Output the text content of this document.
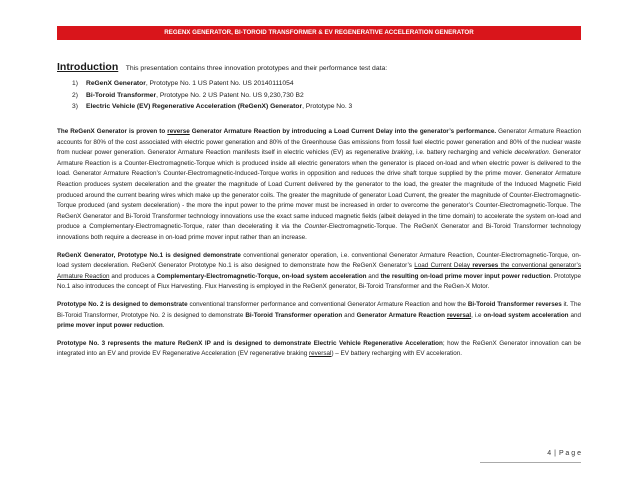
REGENX GENERATOR, BI-TOROID TRANSFORMER & EV REGENERATIVE ACCELERATION GENERATOR
Introduction This presentation contains three innovation prototypes and their performance test data:
1) ReGenX Generator, Prototype No. 1 US Patent No. US 20140111054
2) Bi-Toroid Transformer, Prototype No. 2 US Patent No. US 9,230,730 B2
3) Electric Vehicle (EV) Regenerative Acceleration (ReGenX) Generator, Prototype No. 3

The ReGenX Generator is proven to reverse Generator Armature Reaction by introducing a Load Current Delay into the generator’s performance. Generator Armature Reaction accounts for 80% of the cost associated with electric power generation and 80% of the Greenhouse Gas emissions from fossil fuel electric power generation and 80% of the nuclear waste from nuclear power generation. Generator Armature Reaction manifests itself in electric vehicles (EV) as regenerative braking, i.e. battery recharging and vehicle deceleration. Generator Armature Reaction is a Counter-Electromagnetic-Torque which is produced inside all electric generators when the generator is placed on-load and when electric power is delivered to the load. Generator Armature Reaction’s Counter-Electromagnetic-Induced-Torque works in opposition and reduces the drive shaft torque supplied by the prime mover. Generator Armature Reaction produces system deceleration and the greater the magnitude of Load Current delivered by the generator to the load, the greater the magnitude of the Induced Magnetic Field produced around the current bearing wires which make up the generator coils. The greater the magnitude of generator Load Current, the greater the magnitude of Counter-Electromagnetic-Torque produced (and system deceleration) - the more the input power to the prime mover must be increased in order to overcome the generator’s Counter-Electromagnetic-Torque. The ReGenX Generator and Bi-Toroid Transformer technology innovations use the exact same induced magnetic fields (albeit delayed in the time domain) to accelerate the system on-load and produce a Complementary-Electromagnetic-Torque, rater than decelerating it via the Counter-Electromagnetic-Torque. The ReGenX Generator and Bi-Toroid Transformer technology innovations both require a decrease in on-load prime mover input rather than an increase.

ReGenX Generator, Prototype No.1 is designed demonstrate conventional generator operation, i.e. conventional Generator Armature Reaction, Counter-Electromagnetic-Torque, on-load system deceleration. ReGenX Generator Prototype No.1 is also designed to demonstrate how the ReGenX Generator’s Load Current Delay reverses the conventional generator’s Armature Reaction and produces a Complementary-Electromagnetic-Torque, on-load system acceleration and the resulting on-load prime mover input power reduction. Prototype No.1 also introduces the concept of Flux Harvesting. Flux Harvesting is employed in the ReGenX generator, Bi-Toroid Transformer and the ReGen-X Motor.

Prototype No. 2 is designed to demonstrate conventional transformer performance and conventional Generator Armature Reaction and how the Bi-Toroid Transformer reverses it. The Bi-Toroid Transformer, Prototype No. 2 is designed to demonstrate Bi-Toroid Transformer operation and Generator Armature Reaction reversal, i.e on-load system acceleration and prime mover input power reduction.

Prototype No. 3 represents the mature ReGenX IP and is designed to demonstrate Electric Vehicle Regenerative Acceleration; how the ReGenX Generator innovation can be integrated into an EV and provide EV Regenerative Acceleration (EV regenerative braking reversal) – EV battery recharging with EV acceleration.

4 | P a g e
